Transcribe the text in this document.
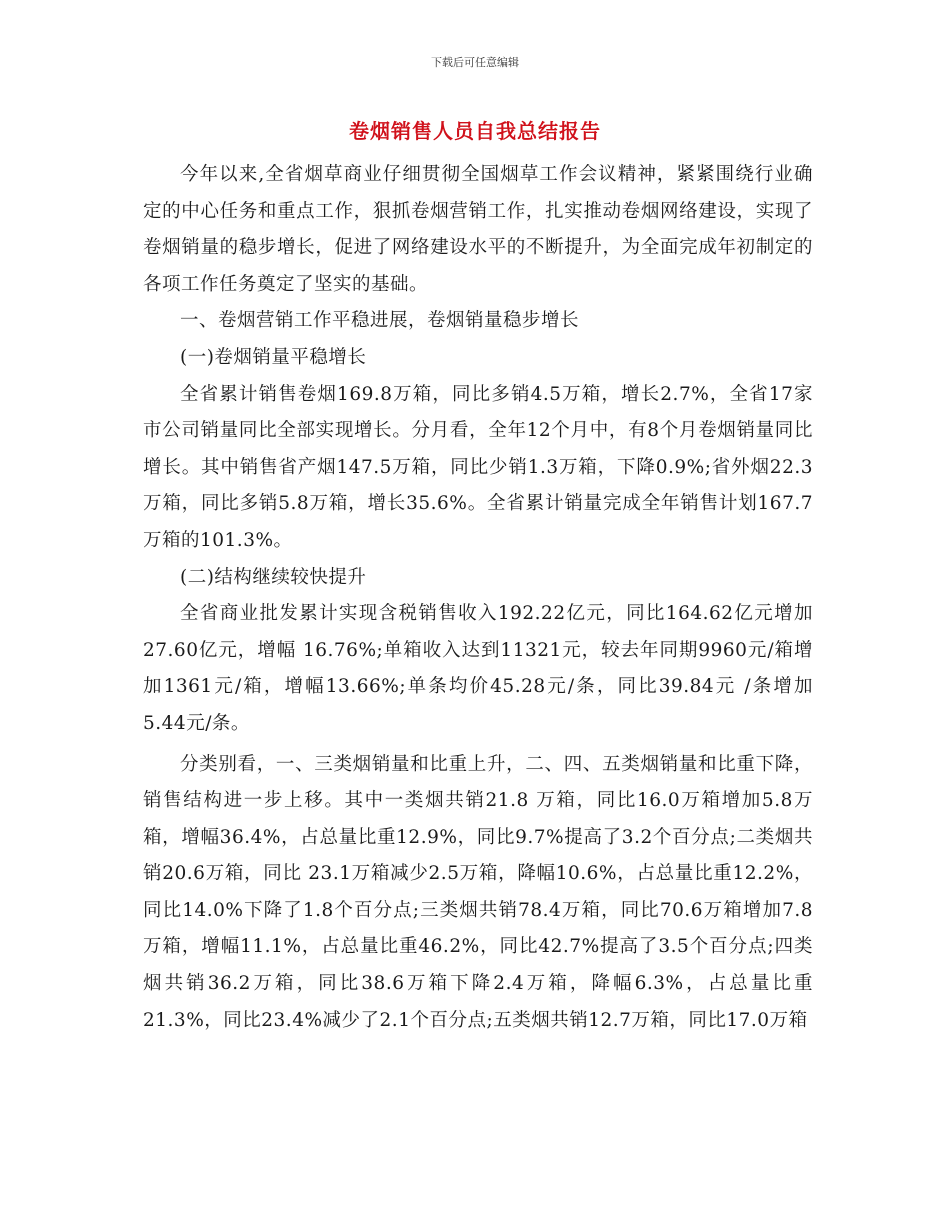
下载后可任意编辑
卷烟销售人员自我总结报告

今年以来,全省烟草商业仔细贯彻全国烟草工作会议精神，紧紧围绕行业确定的中心任务和重点工作，狠抓卷烟营销工作，扎实推动卷烟网络建设，实现了卷烟销量的稳步增长，促进了网络建设水平的不断提升，为全面完成年初制定的各项工作任务奠定了坚实的基础。

一、卷烟营销工作平稳进展，卷烟销量稳步增长

(一)卷烟销量平稳增长

全省累计销售卷烟169.8万箱，同比多销4.5万箱，增长2.7%，全省17家市公司销量同比全部实现增长。分月看，全年12个月中，有8个月卷烟销量同比增长。其中销售省产烟147.5万箱，同比少销1.3万箱，下降0.9%;省外烟22.3万箱，同比多销5.8万箱，增长35.6%。全省累计销量完成全年销售计划167.7万箱的101.3%。

(二)结构继续较快提升

全省商业批发累计实现含税销售收入192.22亿元，同比164.62亿元增加27.60亿元，增幅 16.76%;单箱收入达到11321元，较去年同期9960元/箱增加1361元/箱，增幅13.66%;单条均价45.28元/条，同比39.84元 /条增加5.44元/条。

分类别看，一、三类烟销量和比重上升，二、四、五类烟销量和比重下降，销售结构进一步上移。其中一类烟共销21.8 万箱，同比16.0万箱增加5.8万箱，增幅36.4%，占总量比重12.9%，同比9.7%提高了3.2个百分点;二类烟共销20.6万箱，同比 23.1万箱减少2.5万箱，降幅10.6%，占总量比重12.2%，同比14.0%下降了1.8个百分点;三类烟共销78.4万箱，同比70.6万箱增加7.8万箱，增幅11.1%，占总量比重46.2%，同比42.7%提高了3.5个百分点;四类烟共销36.2万箱，同比38.6万箱下降2.4万箱，降幅6.3%，占总量比重21.3%，同比23.4%减少了2.1个百分点;五类烟共销12.7万箱，同比17.0万箱
